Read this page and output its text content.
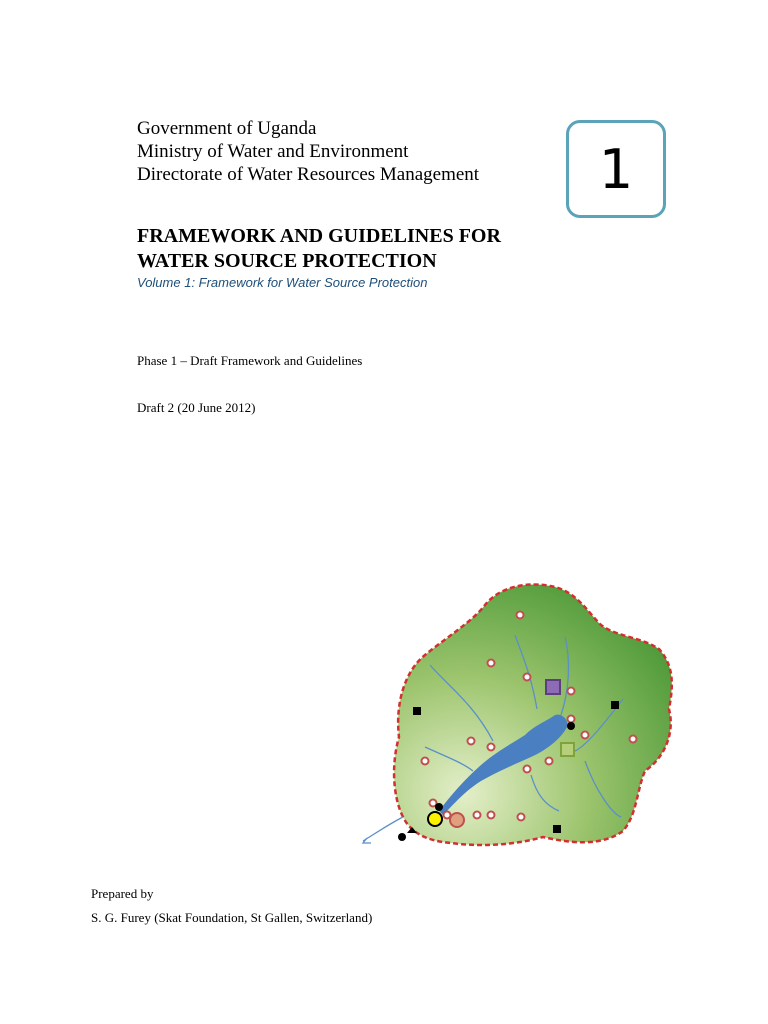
Government of Uganda
Ministry of Water and Environment
Directorate of Water Resources Management	1
FRAMEWORK AND GUIDELINES FOR
WATER SOURCE PROTECTION
Volume 1: Framework for Water Source Protection
Phase 1 – Draft Framework and Guidelines
Draft 2 (20 June 2012)
Prepared by
S. G. Furey (Skat Foundation, St Gallen, Switzerland)
